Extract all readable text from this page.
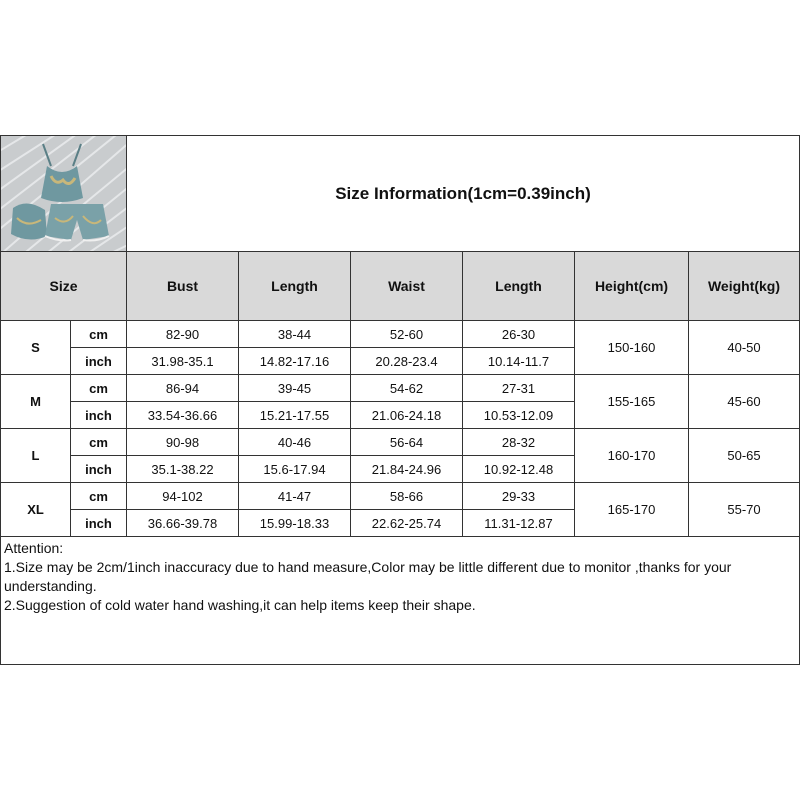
Size Information(1cm=0.39inch)
Size	Bust	Length	Waist	Length	Height(cm)	Weight(kg)
S
cm	82-90	38-44	52-60	26-30
inch	31.98-35.1	14.82-17.16	20.28-23.4	10.14-11.7
150-160	40-50
M
cm	86-94	39-45	54-62	27-31
inch	33.54-36.66	15.21-17.55	21.06-24.18	10.53-12.09
155-165	45-60
L
cm	90-98	40-46	56-64	28-32
inch	35.1-38.22	15.6-17.94	21.84-24.96	10.92-12.48
160-170	50-65
XL
cm	94-102	41-47	58-66	29-33
inch	36.66-39.78	15.99-18.33	22.62-25.74	11.31-12.87
165-170	55-70
Attention:
1.Size may be 2cm/1inch inaccuracy due to hand measure,Color may be little different due to monitor ,thanks for your understanding.
2.Suggestion of cold water hand washing,it can help items keep their shape.
